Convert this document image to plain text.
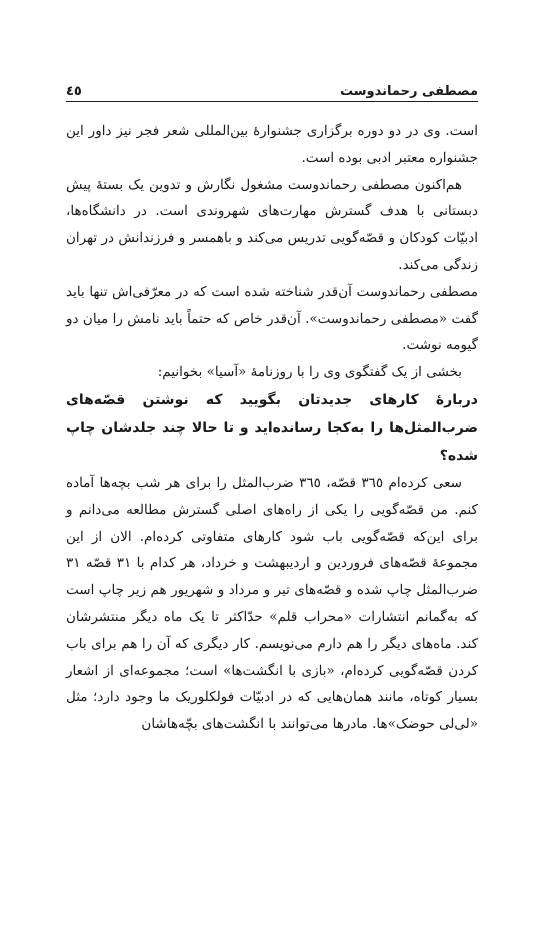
مصطفی رحماندوست
٤٥

است. وی در دو دوره برگزاری جشنوارهٔ بین‌المللی شعر فجر نیز داور این جشنواره معتبر ادبی بوده است.

هم‌اکنون مصطفی رحماندوست مشغول نگارش و تدوین یک بستهٔ پیش دبستانی با هدف گسترش مهارت‌های شهروندی است. در دانشگاه‌ها، ادبیّات کودکان و قصّه‌گویی تدریس می‌کند و باهمسر و فرزندانش در تهران زندگی می‌کند.

مصطفی رحماندوست آن‌قدر شناخته شده است که در معرّفی‌اش تنها باید گفت «مصطفی رحماندوست». آن‌قدر خاص که حتماً باید نامش را میان دو گیومه نوشت.

بخشی از یک گفتگوی وی را با روزنامهٔ «آسیا» بخوانیم:

دربارهٔ کارهای جدیدتان بگویید که نوشتن قصّه‌های ضرب‌المثل‌ها را به‌کجا رسانده‌اید و تا حالا چند جلدشان چاپ شده؟

سعی کرده‌ام ٣٦٥ قصّه، ٣٦٥ ضرب‌المثل را برای هر شب بچه‌ها آماده کنم. من قصّه‌گویی را یکی از راه‌های اصلی گسترش مطالعه می‌دانم و برای این‌که قصّه‌گویی باب شود کارهای متفاوتی کرده‌ام. الان از این مجموعهٔ قصّه‌های فروردین و اردیبهشت و خرداد، هر کدام با ٣١ قصّه ٣١ ضرب‌المثل چاپ شده و قصّه‌های تیر و مرداد و شهریور هم زیر چاپ است که به‌گمانم انتشارات «محراب قلم» حدّاکثر تا یک ماه دیگر منتشرشان کند. ماه‌های دیگر را هم دارم می‌نویسم. کار دیگری که آن را هم برای باب کردن قصّه‌گویی کرده‌ام، «بازی با انگشت‌ها» است؛ مجموعه‌ای از اشعار بسیار کوتاه، مانند همان‌هایی که در ادبیّات فولکلوریک ما وجود دارد؛ مثل «لی‌لی حوضک»ها. مادرها می‌توانند با انگشت‌های بچّه‌هاشان
